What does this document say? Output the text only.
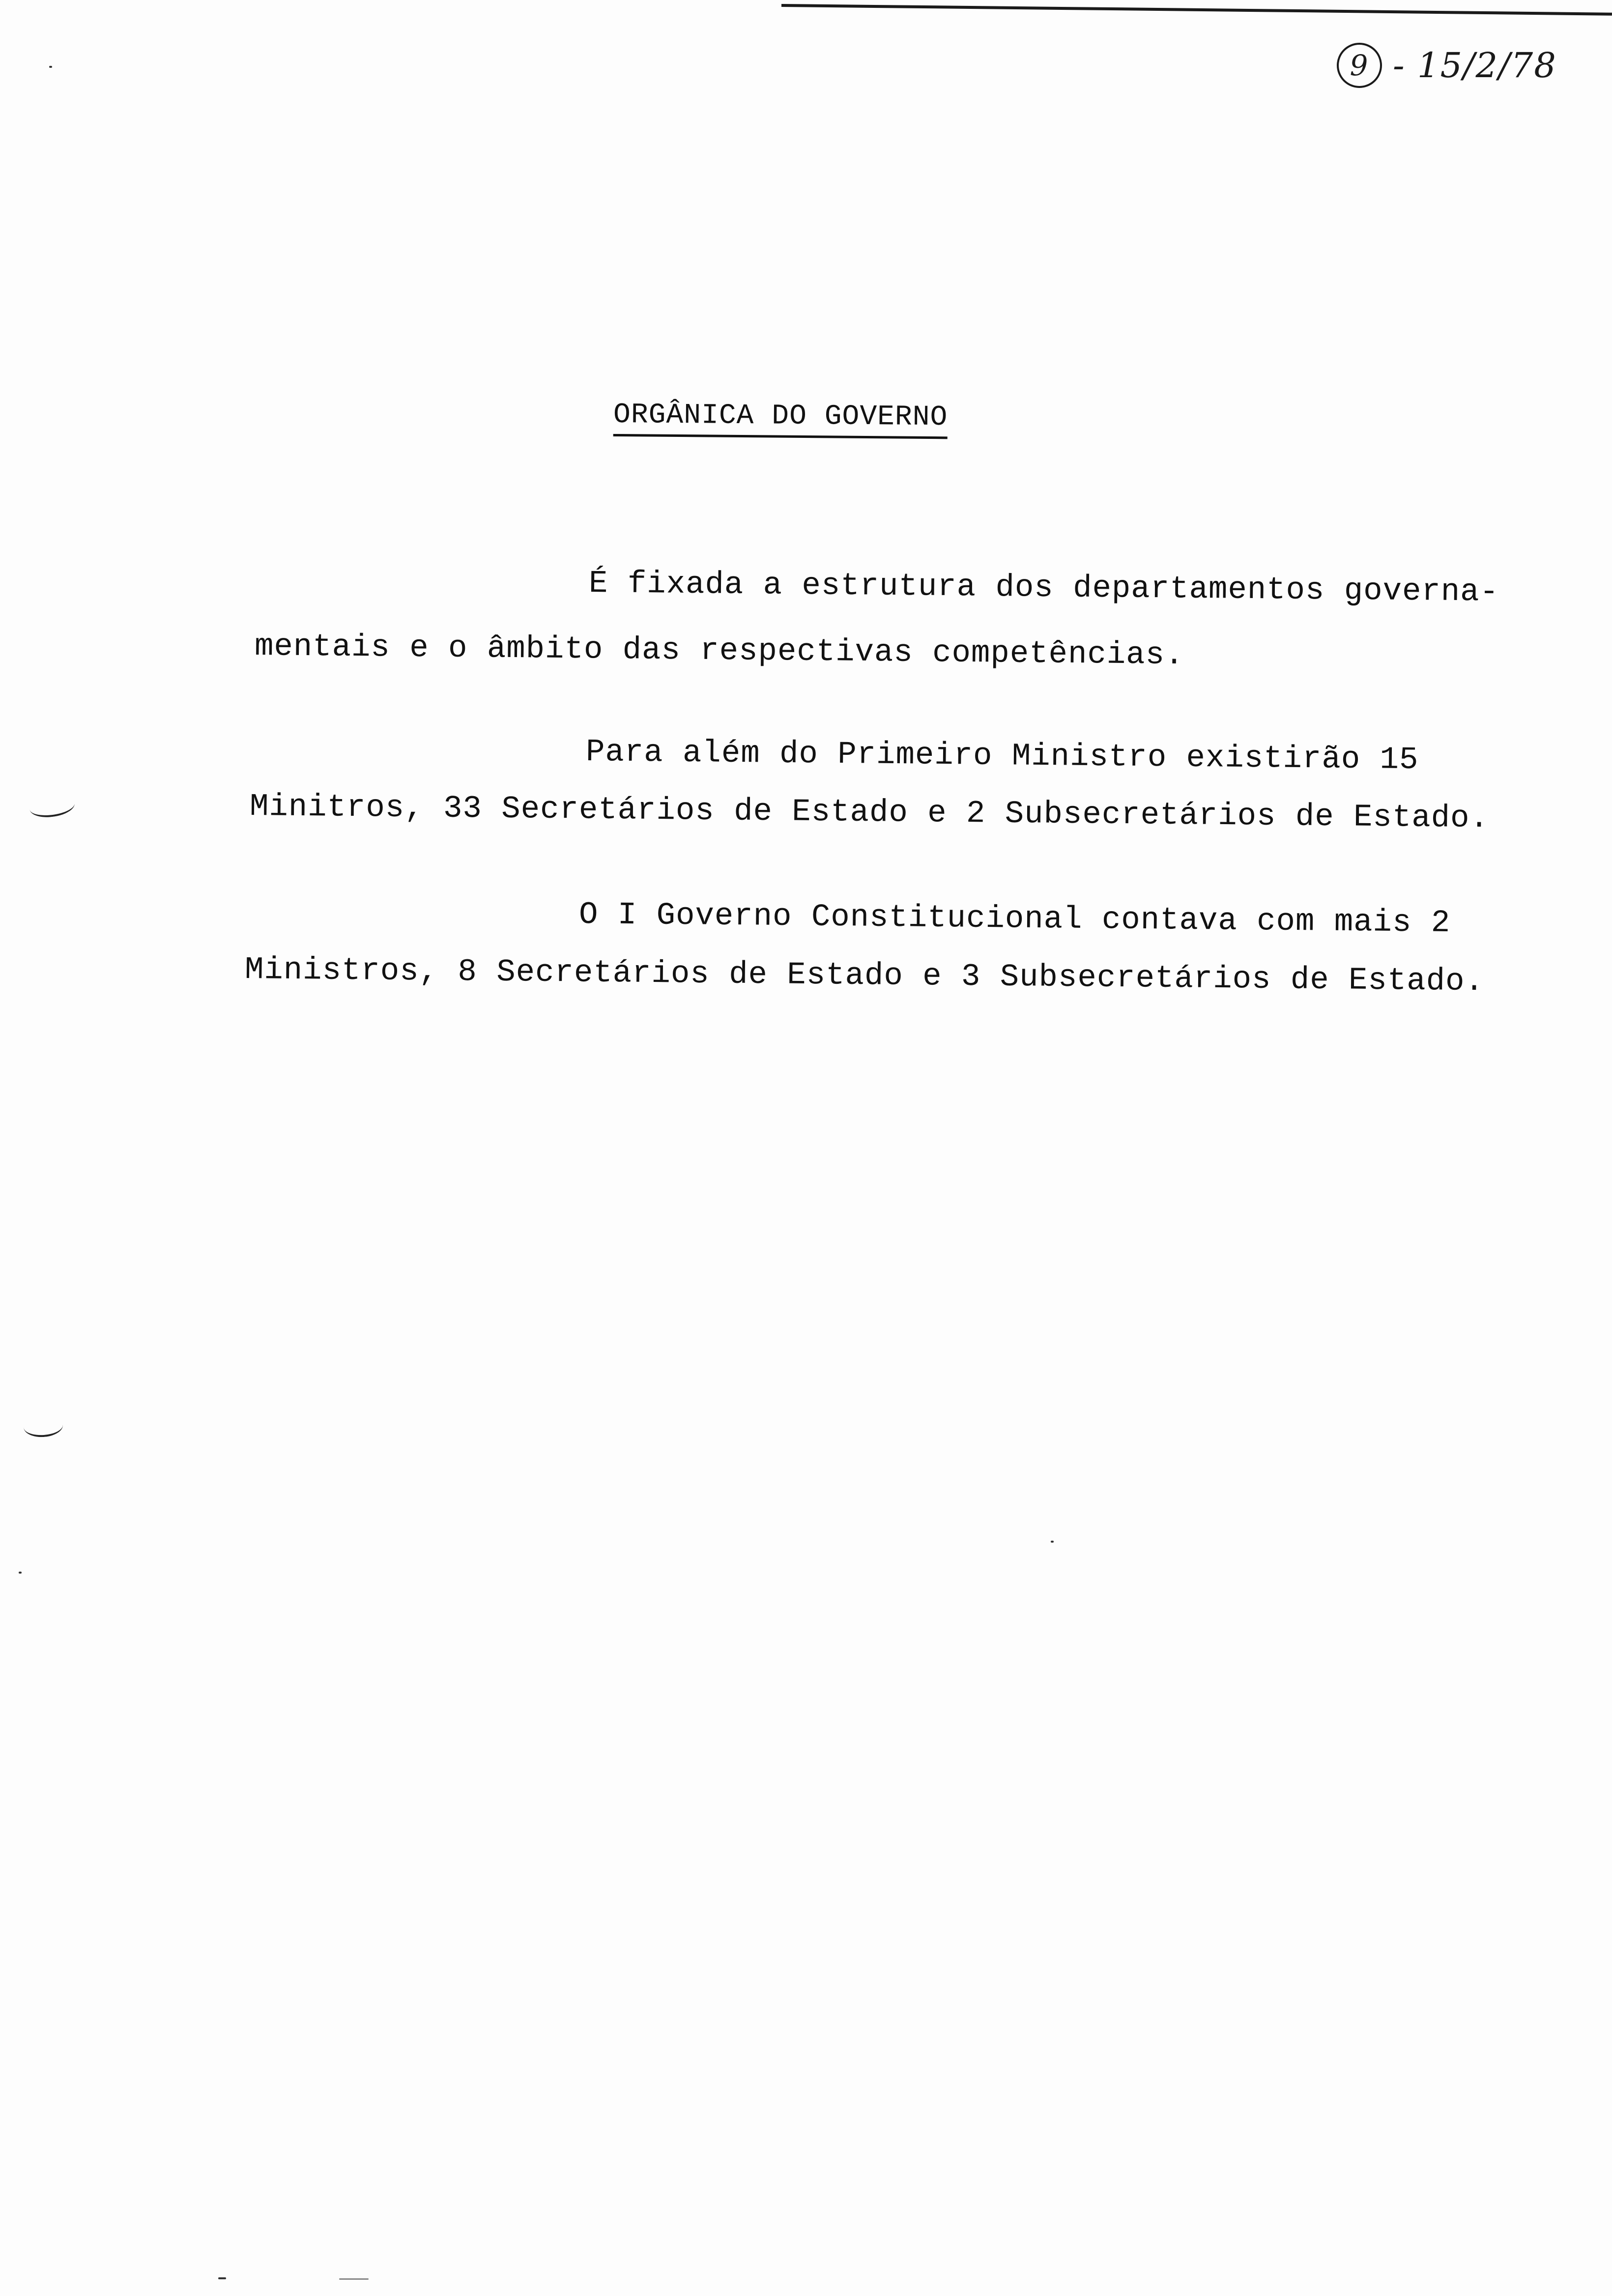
9 - 15/2/78
ORGÂNICA DO GOVERNO
É fixada a estrutura dos departamentos governa-
mentais e o âmbito das respectivas competências.
Para além do Primeiro Ministro existirão 15
Minitros, 33 Secretários de Estado e 2 Subsecretários de Estado.
O I Governo Constitucional contava com mais 2
Ministros, 8 Secretários de Estado e 3 Subsecretários de Estado.
